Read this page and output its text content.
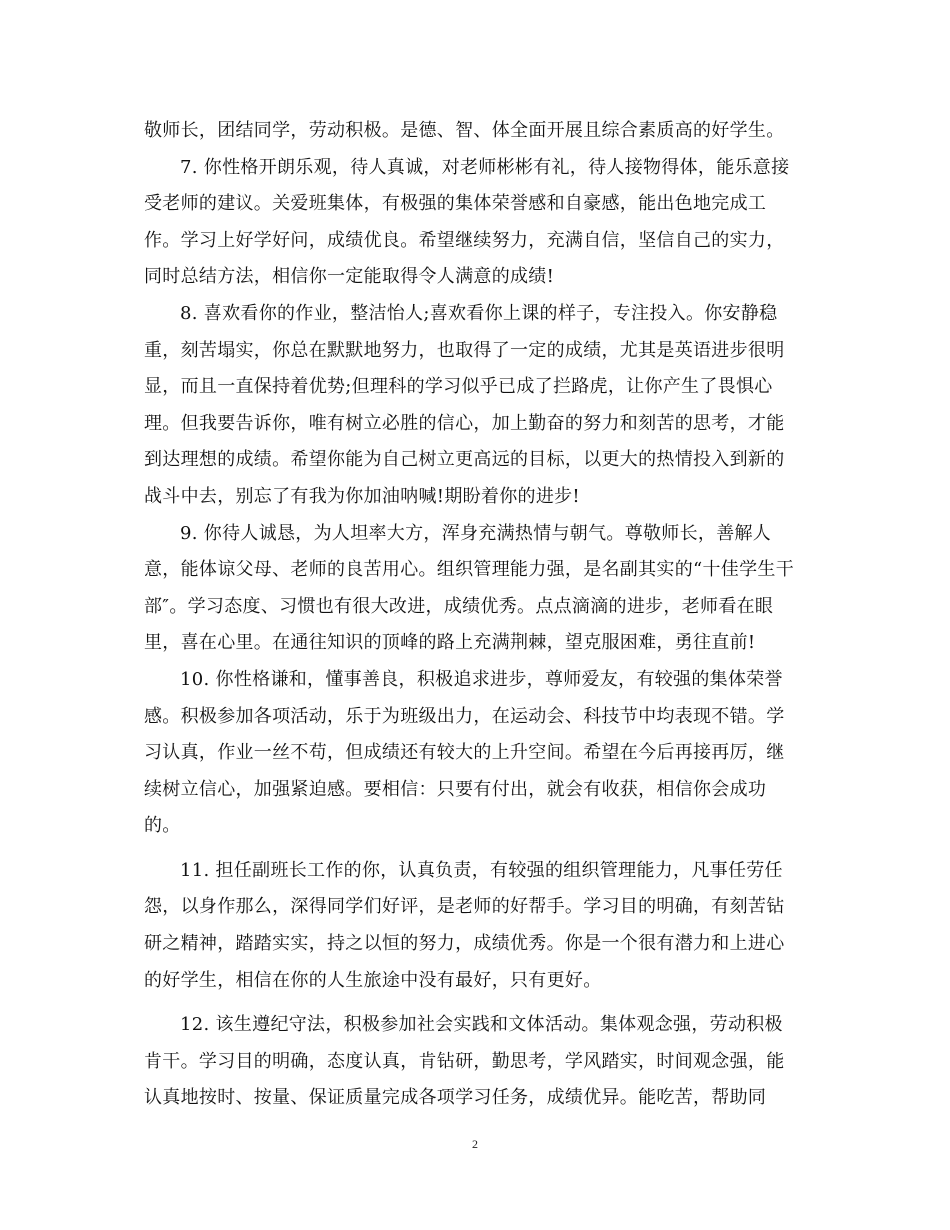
敬师长，团结同学，劳动积极。是德、智、体全面开展且综合素质高的好学生。

7. 你性格开朗乐观，待人真诚，对老师彬彬有礼，待人接物得体，能乐意接
受老师的建议。关爱班集体，有极强的集体荣誉感和自豪感，能出色地完成工
作。学习上好学好问，成绩优良。希望继续努力，充满自信，坚信自己的实力，
同时总结方法，相信你一定能取得令人满意的成绩!

8. 喜欢看你的作业，整洁怡人;喜欢看你上课的样子，专注投入。你安静稳
重，刻苦塌实，你总在默默地努力，也取得了一定的成绩，尤其是英语进步很明
显，而且一直保持着优势;但理科的学习似乎已成了拦路虎，让你产生了畏惧心
理。但我要告诉你，唯有树立必胜的信心，加上勤奋的努力和刻苦的思考，才能
到达理想的成绩。希望你能为自己树立更高远的目标，以更大的热情投入到新的
战斗中去，别忘了有我为你加油呐喊!期盼着你的进步!

9. 你待人诚恳，为人坦率大方，浑身充满热情与朝气。尊敬师长，善解人
意，能体谅父母、老师的良苦用心。组织管理能力强，是名副其实的“十佳学生干
部″。学习态度、习惯也有很大改进，成绩优秀。点点滴滴的进步，老师看在眼
里，喜在心里。在通往知识的顶峰的路上充满荆棘，望克服困难，勇往直前!

10. 你性格谦和，懂事善良，积极追求进步，尊师爱友，有较强的集体荣誉
感。积极参加各项活动，乐于为班级出力，在运动会、科技节中均表现不错。学
习认真，作业一丝不苟，但成绩还有较大的上升空间。希望在今后再接再厉，继
续树立信心，加强紧迫感。要相信：只要有付出，就会有收获，相信你会成功
的。

11. 担任副班长工作的你，认真负责，有较强的组织管理能力，凡事任劳任
怨，以身作那么，深得同学们好评，是老师的好帮手。学习目的明确，有刻苦钻
研之精神，踏踏实实，持之以恒的努力，成绩优秀。你是一个很有潜力和上进心
的好学生，相信在你的人生旅途中没有最好，只有更好。

12. 该生遵纪守法，积极参加社会实践和文体活动。集体观念强，劳动积极
肯干。学习目的明确，态度认真，肯钻研，勤思考，学风踏实，时间观念强，能
认真地按时、按量、保证质量完成各项学习任务，成绩优异。能吃苦，帮助同

2
